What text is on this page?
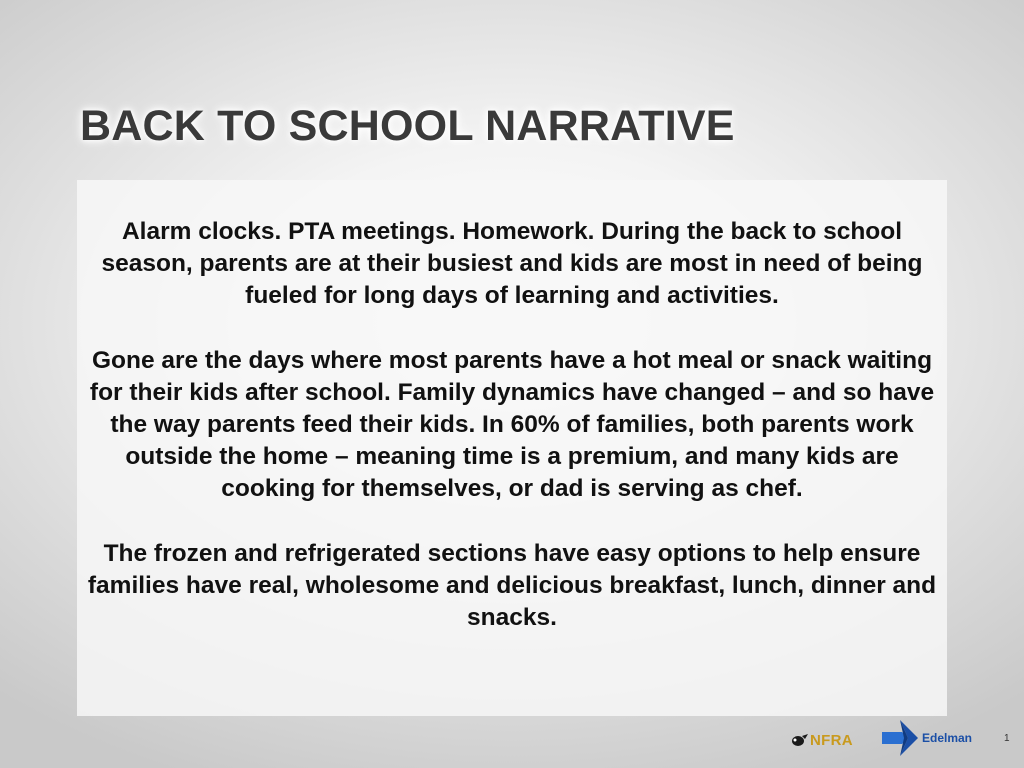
BACK TO SCHOOL NARRATIVE

Alarm clocks. PTA meetings. Homework. During the back to school season, parents are at their busiest and kids are most in need of being fueled for long days of learning and activities.

Gone are the days where most parents have a hot meal or snack waiting for their kids after school. Family dynamics have changed – and so have the way parents feed their kids. In 60% of families, both parents work outside the home – meaning time is a premium, and many kids are cooking for themselves, or dad is serving as chef.

The frozen and refrigerated sections have easy options to help ensure families have real, wholesome and delicious breakfast, lunch, dinner and snacks.

NFRA	Edelman	1
